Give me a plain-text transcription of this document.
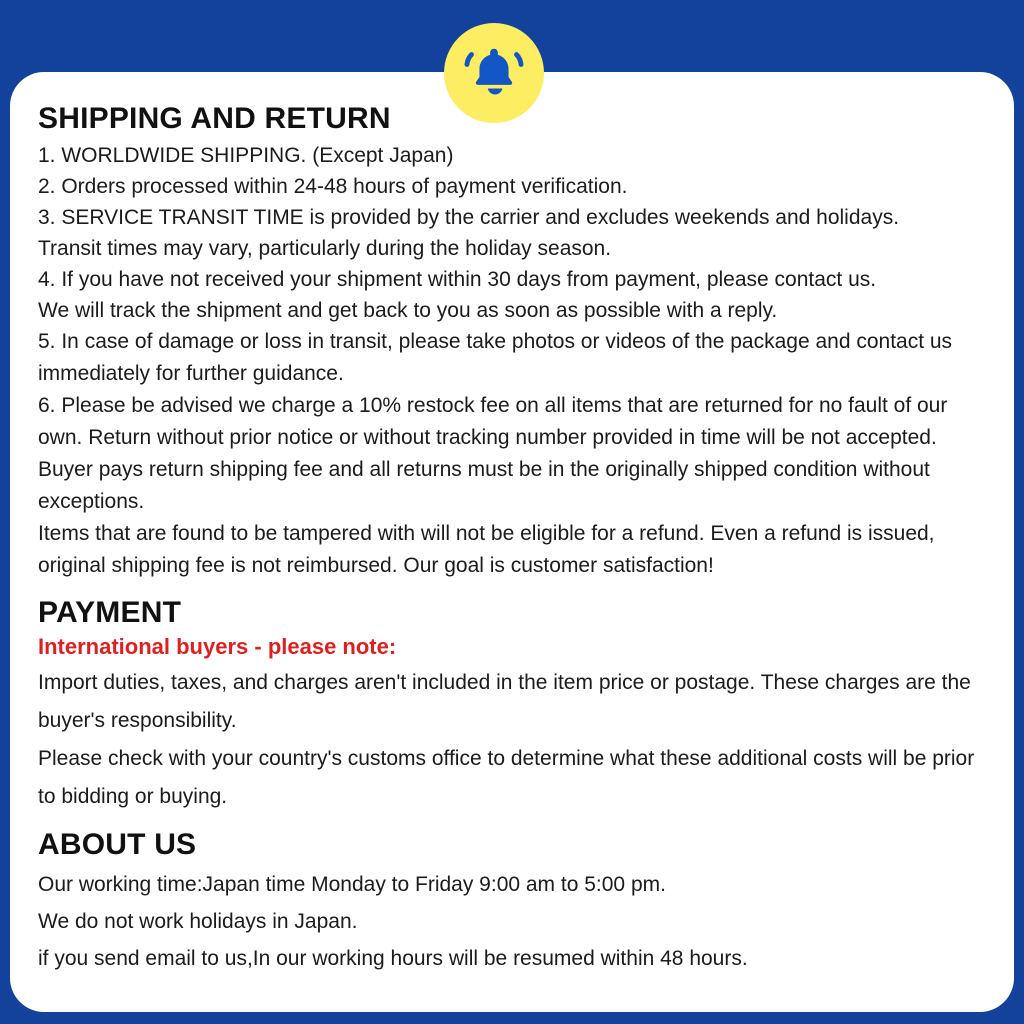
SHIPPING AND RETURN

1. WORLDWIDE SHIPPING. (Except Japan)

2. Orders processed within 24-48 hours of payment verification.

3. SERVICE TRANSIT TIME is provided by the carrier and excludes weekends and holidays.

Transit times may vary, particularly during the holiday season.

4. If you have not received your shipment within 30 days from payment, please contact us.

We will track the shipment and get back to you as soon as possible with a reply.

5. In case of damage or loss in transit, please take photos or videos of the package and contact us immediately for further guidance.

6. Please be advised we charge a 10% restock fee on all items that are returned for no fault of our own. Return without prior notice or without tracking number provided in time will be not accepted. Buyer pays return shipping fee and all returns must be in the originally shipped condition without exceptions.

Items that are found to be tampered with will not be eligible for a refund. Even a refund is issued, original shipping fee is not reimbursed. Our goal is customer satisfaction!

PAYMENT

International buyers - please note:

Import duties, taxes, and charges aren't included in the item price or postage. These charges are the buyer's responsibility.

Please check with your country's customs office to determine what these additional costs will be prior to bidding or buying.

ABOUT US

Our working time:Japan time Monday to Friday 9:00 am to 5:00 pm.

We do not work holidays in Japan.

if you send email to us,In our working hours will be resumed within 48 hours.
